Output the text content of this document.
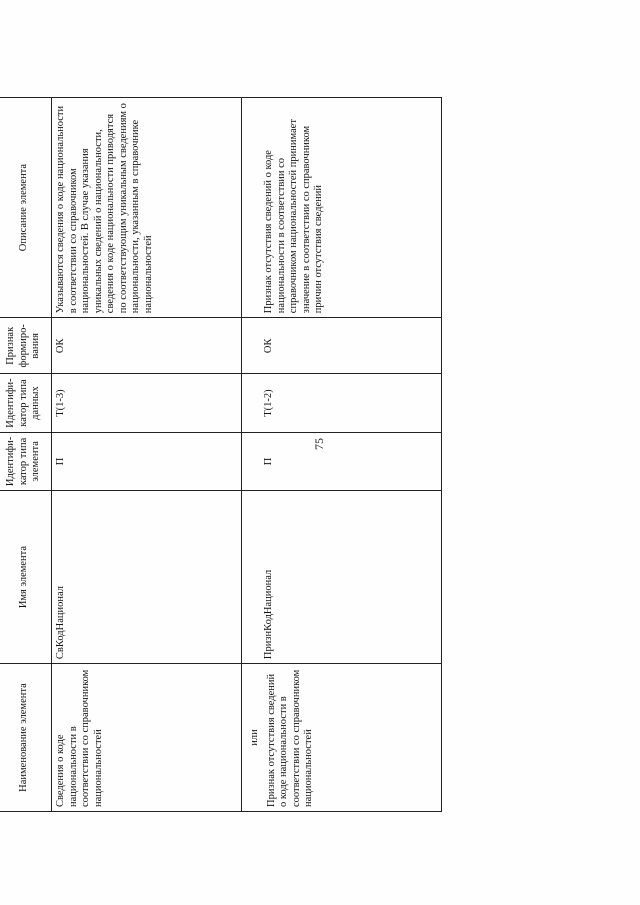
75
Наименование элемента	Имя элемента	Идентифи-катор типа элемента	Идентифи-катор типа данных	Признак формиро-вания	Описание элемента
Сведения о коде национальности в соответствии со справочником национальностей	СвКодНационал	П	T(1-3)	ОК	Указываются сведения о коде национальности в соответствии со справочником национальностей. В случае указания уникальных сведений о национальности, сведения о коде национальности приводятся по соответствующим уникальным сведениям о национальности, указанным в справочнике национальностей

или Признак отсутствия сведений о коде национальности в соответствии со справочником национальностей	ПризнКодНационал	П	T(1-2)	ОК	Признак отсутствия сведений о коде национальности в соответствии со справочником национальностей принимает значение в соответствии со справочником причин отсутствия сведений
